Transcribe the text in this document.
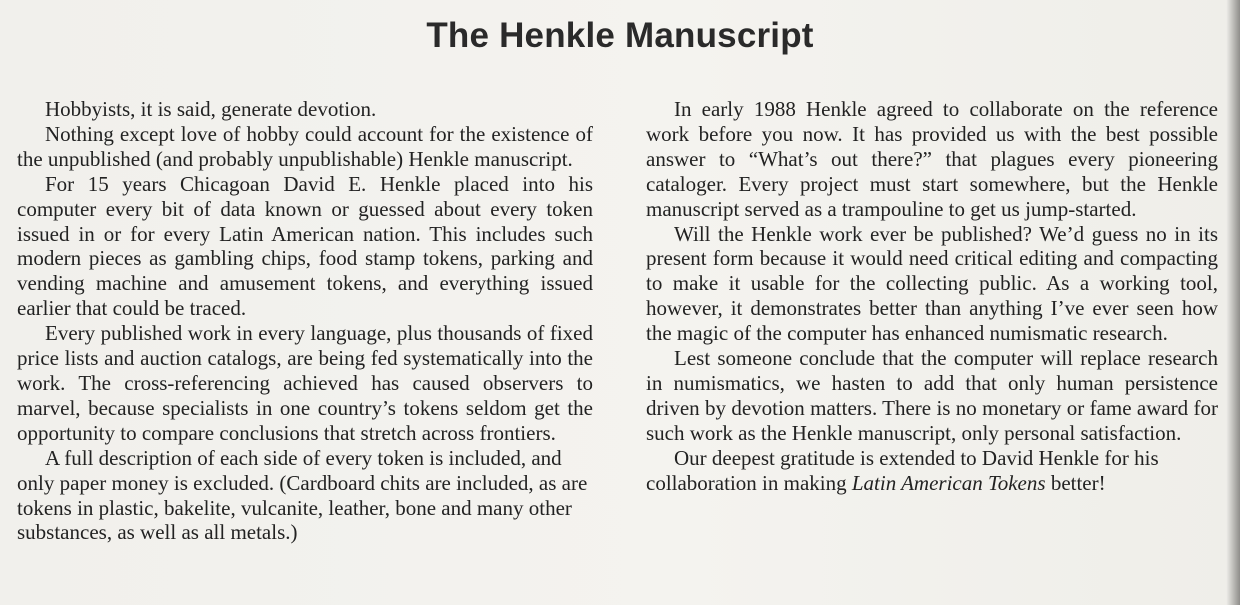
The Henkle Manuscript

Hobbyists, it is said, generate devotion.

Nothing except love of hobby could account for the existence of the unpublished (and probably unpublishable) Henkle manuscript.

For 15 years Chicagoan David E. Henkle placed into his computer every bit of data known or guessed about every token issued in or for every Latin American nation. This includes such modern pieces as gambling chips, food stamp tokens, parking and vending machine and amusement tokens, and everything issued earlier that could be traced.

Every published work in every language, plus thousands of fixed price lists and auction catalogs, are being fed systematically into the work. The cross-referencing achieved has caused observers to marvel, because specialists in one country’s tokens seldom get the opportunity to compare conclusions that stretch across frontiers.

A full description of each side of every token is included, and only paper money is excluded. (Cardboard chits are included, as are tokens in plastic, bakelite, vulcanite, leather, bone and many other substances, as well as all metals.)

In early 1988 Henkle agreed to collaborate on the reference work before you now. It has provided us with the best possible answer to “What’s out there?” that plagues every pioneering cataloger. Every project must start somewhere, but the Henkle manuscript served as a trampouline to get us jump-started.

Will the Henkle work ever be published? We’d guess no in its present form because it would need critical editing and compacting to make it usable for the collecting public. As a working tool, however, it demonstrates better than anything I’ve ever seen how the magic of the computer has enhanced numismatic research.

Lest someone conclude that the computer will replace research in numismatics, we hasten to add that only human persistence driven by devotion matters. There is no monetary or fame award for such work as the Henkle manuscript, only personal satisfaction.

Our deepest gratitude is extended to David Henkle for his collaboration in making Latin American Tokens better!
